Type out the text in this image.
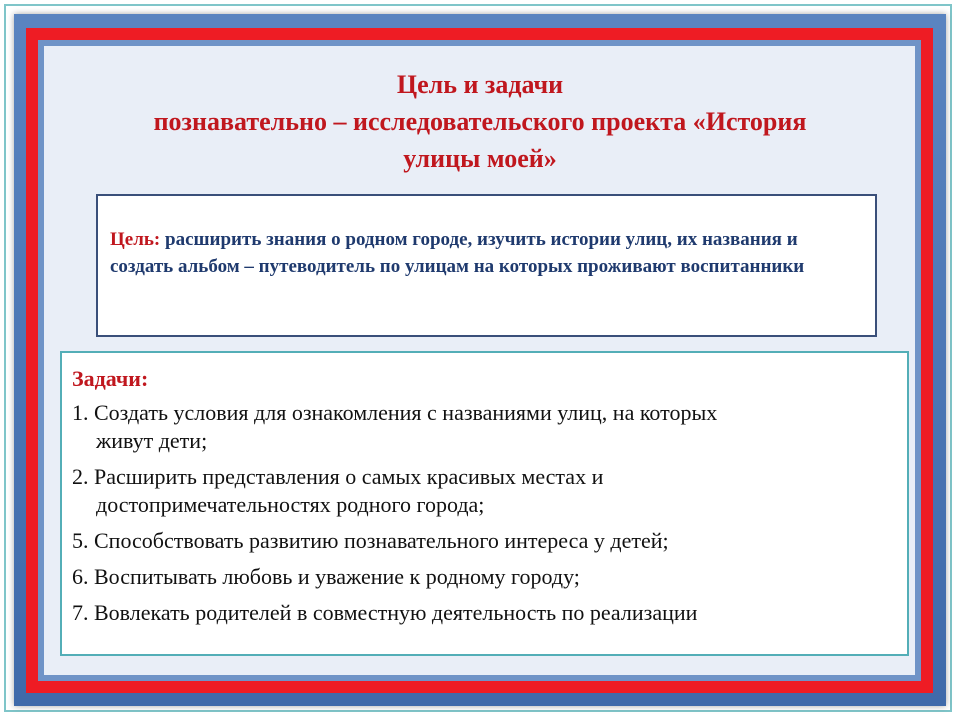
Цель и задачи
познавательно – исследовательского проекта «История
улицы моей»
Цель: расширить знания о родном городе, изучить истории улиц, их названия и создать альбом – путеводитель по улицам на которых проживают воспитанники
Задачи:
1. Создать условия для ознакомления с названиями улиц, на которых
живут дети;
2. Расширить представления о самых красивых местах и
достопримечательностях родного города;
5. Способствовать развитию познавательного интереса у детей;
6. Воспитывать любовь и уважение к родному городу;
7. Вовлекать родителей в совместную деятельность по реализации
